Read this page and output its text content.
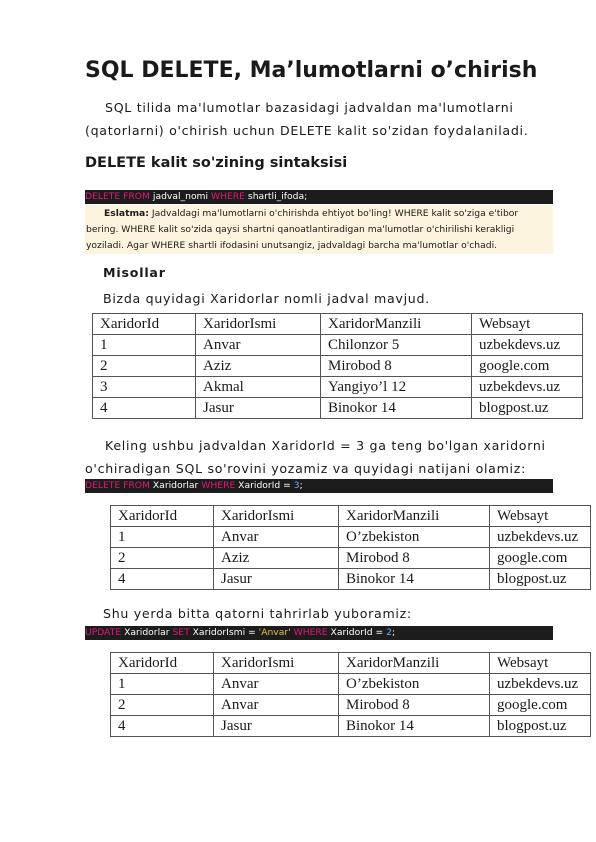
SQL DELETE, Ma’lumotlarni o’chirish
SQL tilida ma'lumotlar bazasidagi jadvaldan ma'lumotlarni (qatorlarni) o'chirish uchun DELETE kalit so'zidan foydalaniladi.
DELETE kalit so'zining sintaksisi
DELETE FROM jadval_nomi WHERE shartli_ifoda;
Eslatma: Jadvaldagi ma'lumotlarni o'chirishda ehtiyot bo'ling! WHERE kalit so'ziga e'tibor bering. WHERE kalit so'zida qaysi shartni qanoatlantiradigan ma'lumotlar o'chirilishi kerakligi yoziladi. Agar WHERE shartli ifodasini unutsangiz, jadvaldagi barcha ma'lumotlar o'chadi.
Misollar
Bizda quyidagi Xaridorlar nomli jadval mavjud.
XaridorId	XaridorIsmi	XaridorManzili	Websayt
1	Anvar	Chilonzor 5	uzbekdevs.uz
2	Aziz	Mirobod 8	google.com
3	Akmal	Yangiyo’l 12	uzbekdevs.uz
4	Jasur	Binokor 14	blogpost.uz
Keling ushbu jadvaldan XaridorId = 3 ga teng bo'lgan xaridorni o'chiradigan SQL so'rovini yozamiz va quyidagi natijani olamiz:
DELETE FROM Xaridorlar WHERE XaridorId = 3;
XaridorId	XaridorIsmi	XaridorManzili	Websayt
1	Anvar	O’zbekiston	uzbekdevs.uz
2	Aziz	Mirobod 8	google.com
4	Jasur	Binokor 14	blogpost.uz
Shu yerda bitta qatorni tahrirlab yuboramiz:
UPDATE Xaridorlar SET XaridorIsmi = 'Anvar' WHERE XaridorId = 2;
XaridorId	XaridorIsmi	XaridorManzili	Websayt
1	Anvar	O’zbekiston	uzbekdevs.uz
2	Anvar	Mirobod 8	google.com
4	Jasur	Binokor 14	blogpost.uz
